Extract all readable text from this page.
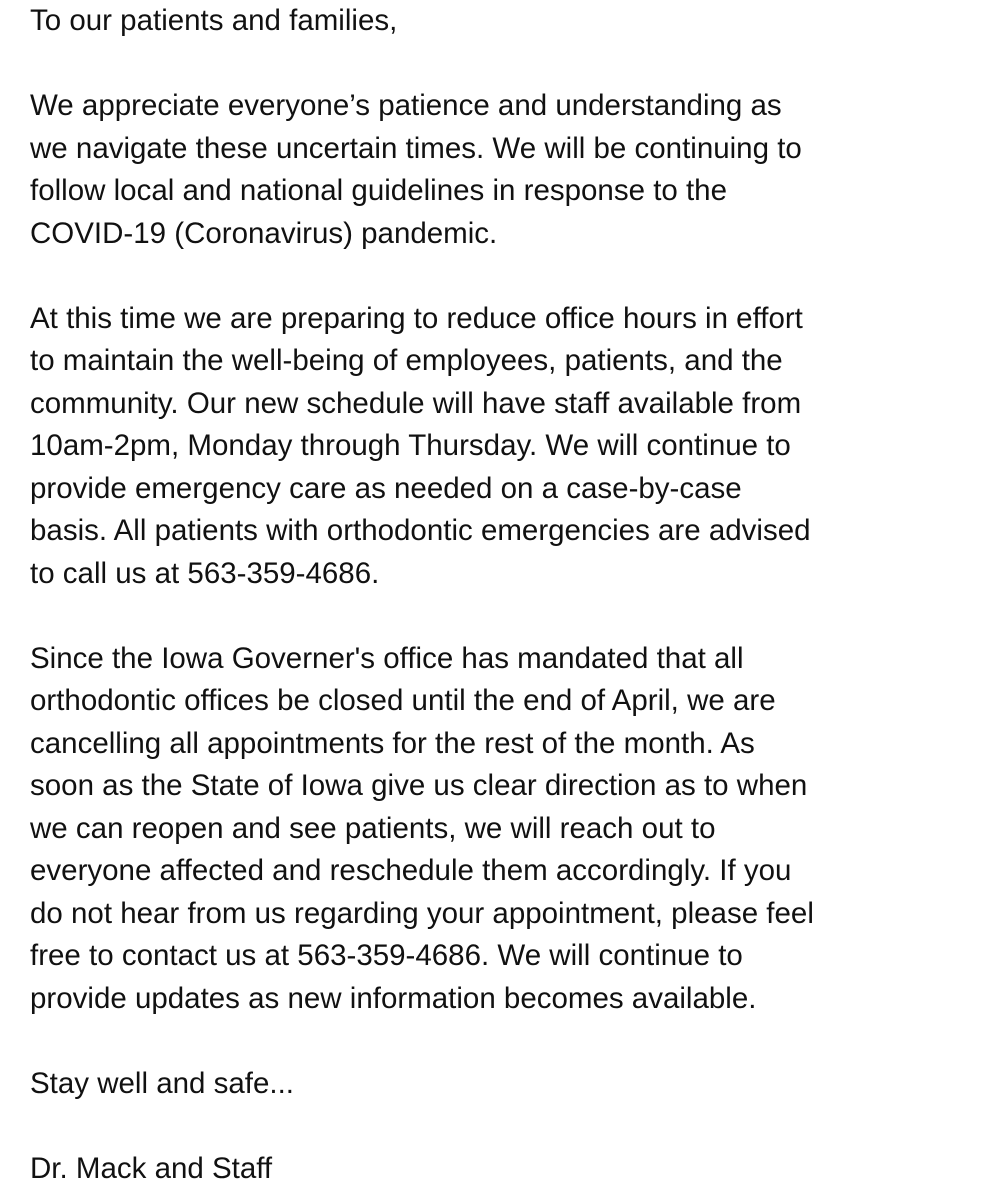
To our patients and families,
We appreciate everyone’s patience and understanding as
we navigate these uncertain times. We will be continuing to
follow local and national guidelines in response to the
COVID-19 (Coronavirus) pandemic.
At this time we are preparing to reduce office hours in effort
to maintain the well-being of employees, patients, and the
community. Our new schedule will have staff available from
10am-2pm, Monday through Thursday. We will continue to
provide emergency care as needed on a case-by-case
basis. All patients with orthodontic emergencies are advised
to call us at 563-359-4686.
Since the Iowa Governer's office has mandated that all
orthodontic offices be closed until the end of April, we are
cancelling all appointments for the rest of the month. As
soon as the State of Iowa give us clear direction as to when
we can reopen and see patients, we will reach out to
everyone affected and reschedule them accordingly. If you
do not hear from us regarding your appointment, please feel
free to contact us at 563-359-4686. We will continue to
provide updates as new information becomes available.
Stay well and safe...
Dr. Mack and Staff
